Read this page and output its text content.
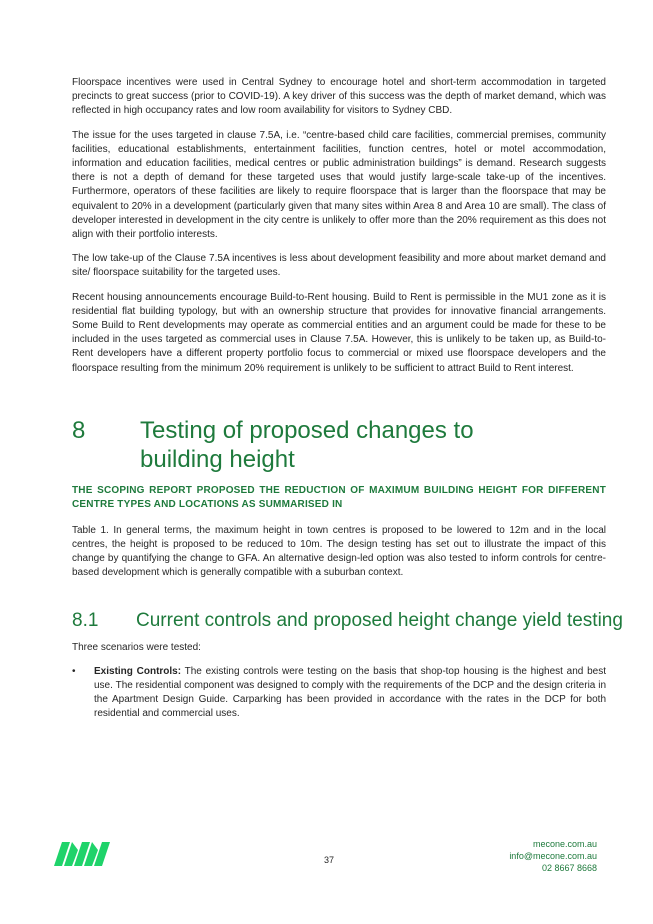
Floorspace incentives were used in Central Sydney to encourage hotel and short-term accommodation in targeted precincts to great success (prior to COVID-19). A key driver of this success was the depth of market demand, which was reflected in high occupancy rates and low room availability for visitors to Sydney CBD.

The issue for the uses targeted in clause 7.5A, i.e. “centre-based child care facilities, commercial premises, community facilities, educational establishments, entertainment facilities, function centres, hotel or motel accommodation, information and education facilities, medical centres or public administration buildings” is demand. Research suggests there is not a depth of demand for these targeted uses that would justify large-scale take-up of the incentives. Furthermore, operators of these facilities are likely to require floorspace that is larger than the floorspace that may be equivalent to 20% in a development (particularly given that many sites within Area 8 and Area 10 are small). The class of developer interested in development in the city centre is unlikely to offer more than the 20% requirement as this does not align with their portfolio interests.

The low take-up of the Clause 7.5A incentives is less about development feasibility and more about market demand and site/ floorspace suitability for the targeted uses.

Recent housing announcements encourage Build-to-Rent housing. Build to Rent is permissible in the MU1 zone as it is residential flat building typology, but with an ownership structure that provides for innovative financial arrangements. Some Build to Rent developments may operate as commercial entities and an argument could be made for these to be included in the uses targeted as commercial uses in Clause 7.5A. However, this is unlikely to be taken up, as Build-to-Rent developers have a different property portfolio focus to commercial or mixed use floorspace developers and the floorspace resulting from the minimum 20% requirement is unlikely to be sufficient to attract Build to Rent interest.

8	Testing of proposed changes to building height
THE SCOPING REPORT PROPOSED THE REDUCTION OF MAXIMUM BUILDING HEIGHT FOR DIFFERENT CENTRE TYPES AND LOCATIONS AS SUMMARISED IN

Table 1. In general terms, the maximum height in town centres is proposed to be lowered to 12m and in the local centres, the height is proposed to be reduced to 10m. The design testing has set out to illustrate the impact of this change by quantifying the change to GFA. An alternative design-led option was also tested to inform controls for centre-based development which is generally compatible with a suburban context.

8.1	Current controls and proposed height change yield testing

Three scenarios were tested:

•	Existing Controls: The existing controls were testing on the basis that shop-top housing is the highest and best use. The residential component was designed to comply with the requirements of the DCP and the design criteria in the Apartment Design Guide. Carparking has been provided in accordance with the rates in the DCP for both residential and commercial uses.

37
mecone.com.au
info@mecone.com.au
02 8667 8668
